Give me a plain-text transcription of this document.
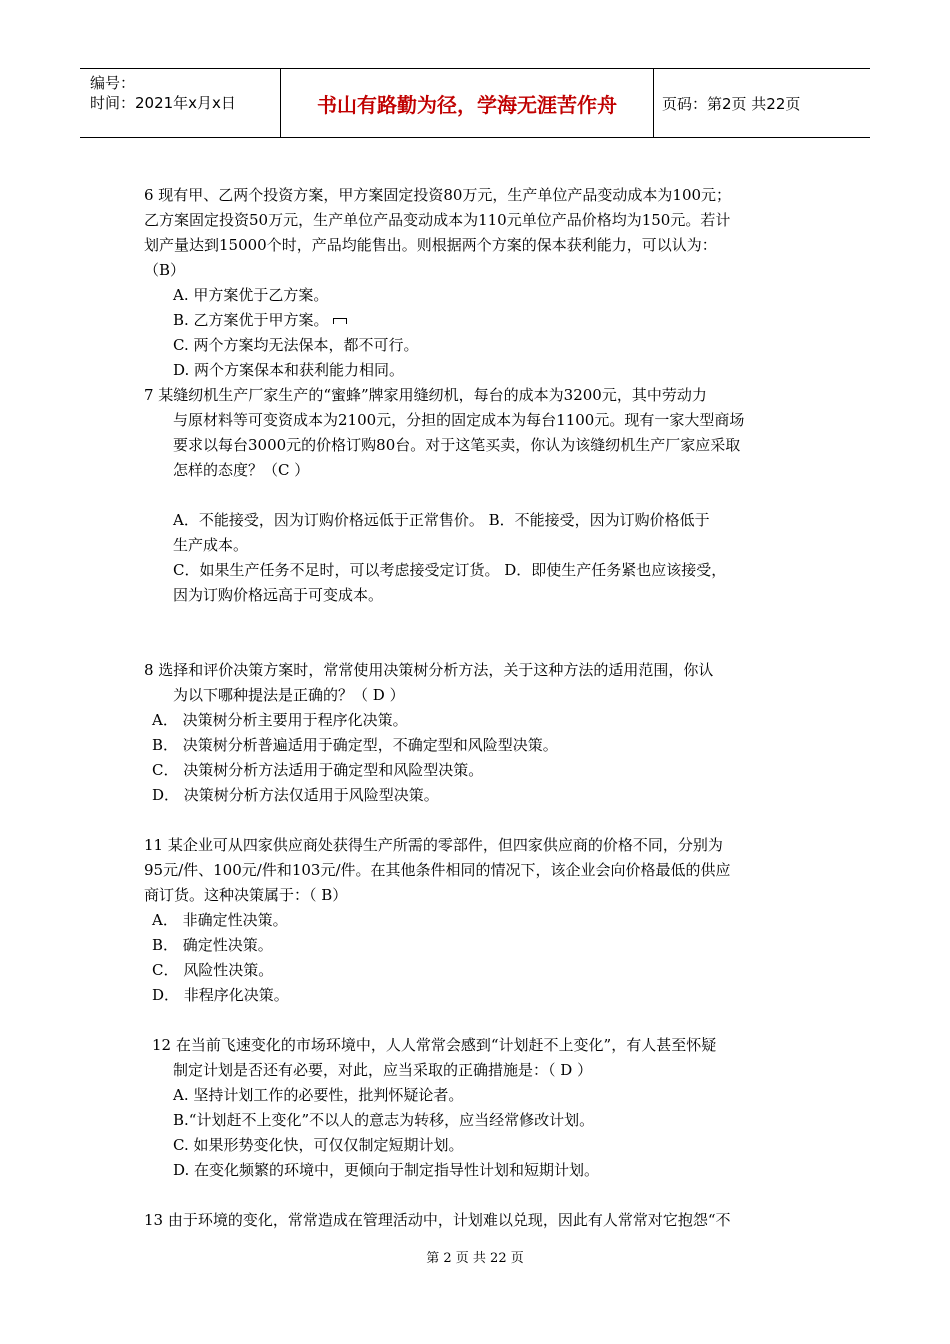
编号：
时间：2021年x月x日	书山有路勤为径，学海无涯苦作舟	页码：第2页 共22页
6 现有甲、乙两个投资方案，甲方案固定投资80万元，生产单位产品变动成本为100元；
乙方案固定投资50万元，生产单位产品变动成本为110元单位产品价格均为150元。若计
划产量达到15000个时，产品均能售出。则根据两个方案的保本获利能力，可以认为：
（B）
A. 甲方案优于乙方案。
B. 乙方案优于甲方案。
C. 两个方案均无法保本，都不可行。
D. 两个方案保本和获利能力相同。
7 某缝纫机生产厂家生产的“蜜蜂”牌家用缝纫机，每台的成本为3200元，其中劳动力
与原材料等可变资成本为2100元，分担的固定成本为每台1100元。现有一家大型商场
要求以每台3000元的价格订购80台。对于这笔买卖，你认为该缝纫机生产厂家应采取
怎样的态度？（C ）
A．不能接受，因为订购价格远低于正常售价。 B．不能接受，因为订购价格低于
生产成本。
C．如果生产任务不足时，可以考虑接受定订货。 D．即使生产任务紧也应该接受，
因为订购价格远高于可变成本。
8 选择和评价决策方案时，常常使用决策树分析方法，关于这种方法的适用范围，你认
为以下哪种提法是正确的？（ D ）
A． 决策树分析主要用于程序化决策。
B． 决策树分析普遍适用于确定型，不确定型和风险型决策。
C． 决策树分析方法适用于确定型和风险型决策。
D． 决策树分析方法仅适用于风险型决策。
11 某企业可从四家供应商处获得生产所需的零部件，但四家供应商的价格不同，分别为
95元/件、100元/件和103元/件。在其他条件相同的情况下，该企业会向价格最低的供应
商订货。这种决策属于：（ B）
A． 非确定性决策。
B． 确定性决策。
C． 风险性决策。
D． 非程序化决策。
12 在当前飞速变化的市场环境中，人人常常会感到“计划赶不上变化”，有人甚至怀疑
制定计划是否还有必要，对此，应当采取的正确措施是：（ D ）
A. 坚持计划工作的必要性，批判怀疑论者。
B.“计划赶不上变化”不以人的意志为转移，应当经常修改计划。
C. 如果形势变化快，可仅仅制定短期计划。
D. 在变化频繁的环境中，更倾向于制定指导性计划和短期计划。
13 由于环境的变化，常常造成在管理活动中，计划难以兑现，因此有人常常对它抱怨“不
第 2 页 共 22 页
